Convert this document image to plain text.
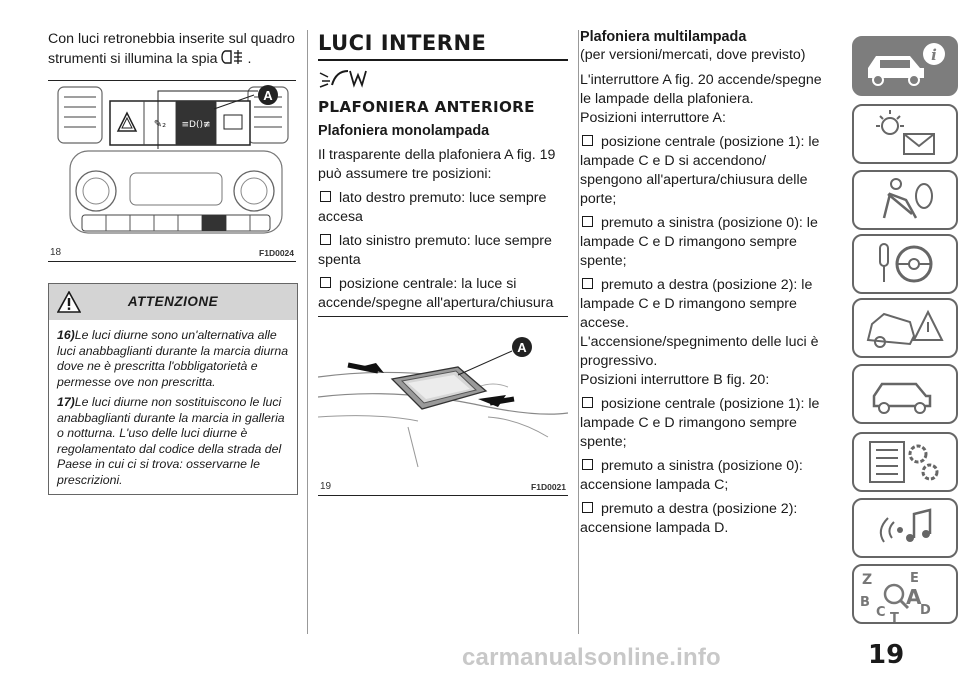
Con luci retronebbia inserite sul quadro strumenti si illumina la spia .

≡D()≢
✎₂
A
18	F1D0024
ATTENZIONE

16)Le luci diurne sono un'alternativa alle luci anabbaglianti durante la marcia diurna dove ne è prescritta l'obbligatorietà e permesse ove non prescritta.

17)Le luci diurne non sostituiscono le luci anabbaglianti durante la marcia in galleria o notturna. L'uso delle luci diurne è regolamentato dal codice della strada del Paese in cui ci si trova: osservarne le prescrizioni.

LUCI INTERNE
PLAFONIERA ANTERIORE
Plafoniera monolampada

Il trasparente della plafoniera A fig. 19 può assumere tre posizioni:

lato destro premuto: luce sempre accesa

lato sinistro premuto: luce sempre spenta

posizione centrale: la luce si accende/spegne all'apertura/chiusura

A
19	F1D0021
Plafoniera multilampada

(per versioni/mercati, dove previsto)

L'interruttore A fig. 20 accende/spegne le lampade della plafoniera.

Posizioni interruttore A:

posizione centrale (posizione 1): le lampade C e D si accendono/ spengono all'apertura/chiusura delle porte;

premuto a sinistra (posizione 0): le lampade C e D rimangono sempre spente;

premuto a destra (posizione 2): le lampade C e D rimangono sempre accese.

L'accensione/spegnimento delle luci è progressivo.

Posizioni interruttore B fig. 20:

posizione centrale (posizione 1): le lampade C e D rimangono sempre spente;

premuto a sinistra (posizione 0): accensione lampada C;

premuto a destra (posizione 2): accensione lampada D.

i
Z	E
B A
C	D
T
19
carmanualsonline.info
